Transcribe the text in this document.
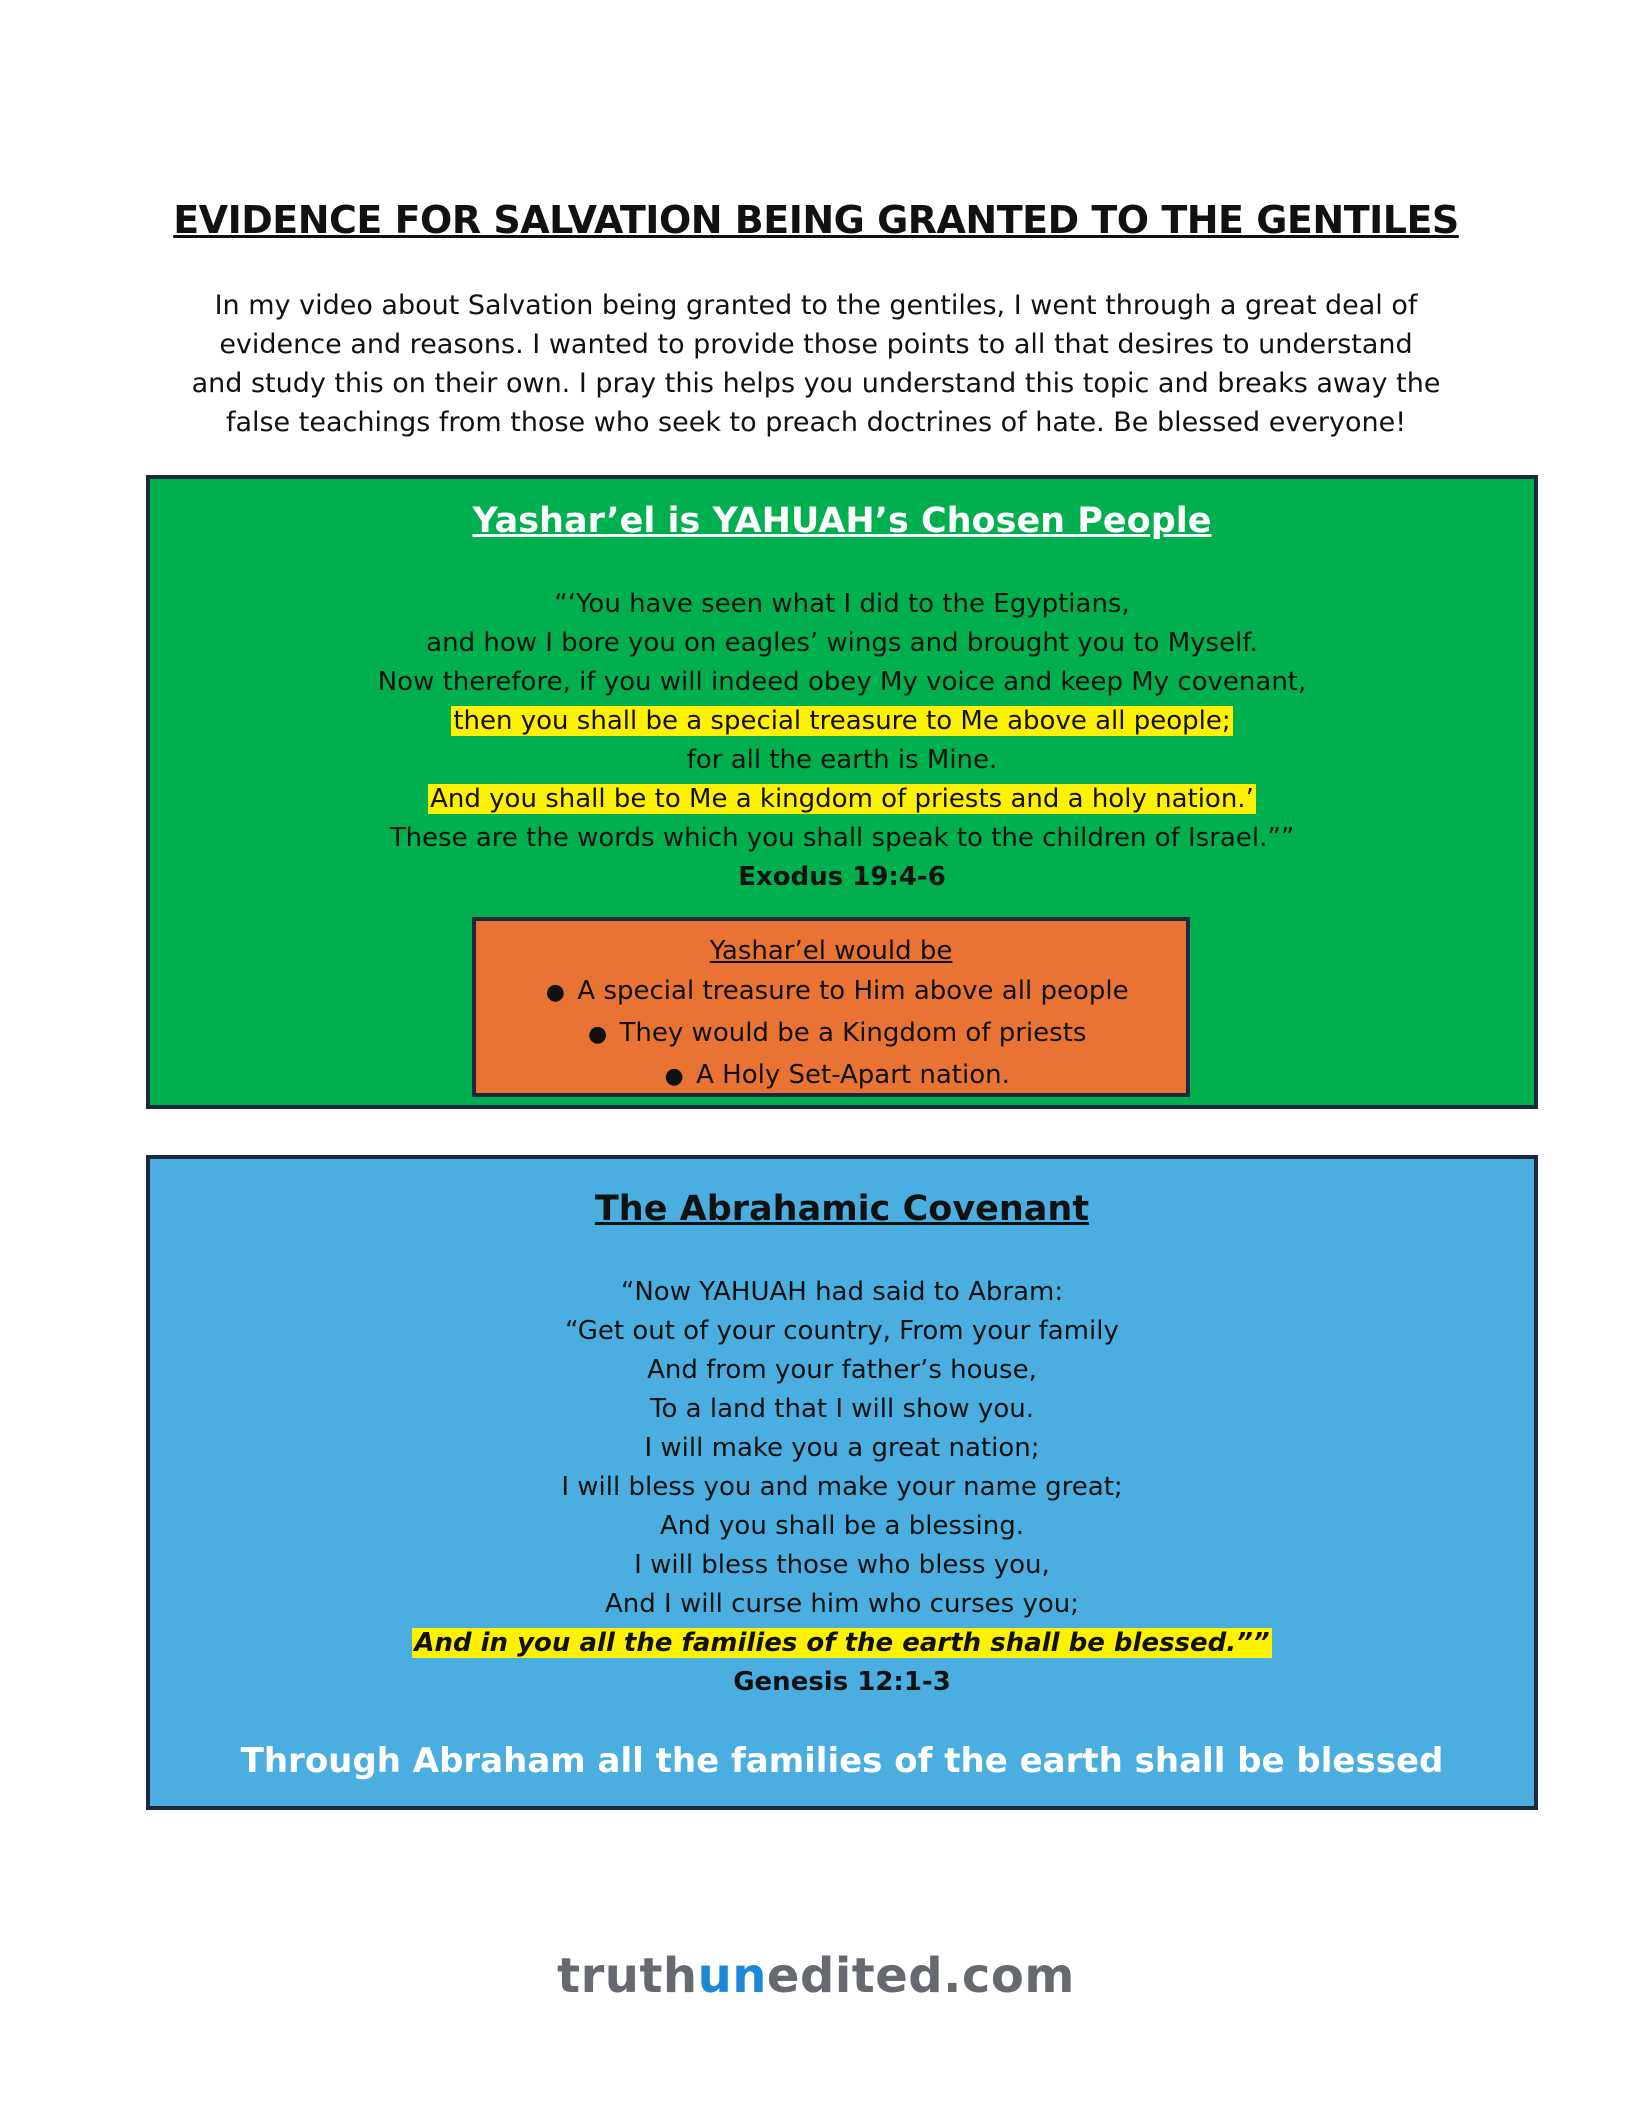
EVIDENCE FOR SALVATION BEING GRANTED TO THE GENTILES
In my video about Salvation being granted to the gentiles, I went through a great deal of evidence and reasons. I wanted to provide those points to all that desires to understand and study this on their own. I pray this helps you understand this topic and breaks away the false teachings from those who seek to preach doctrines of hate. Be blessed everyone!
Yashar’el is YAHUAH’s Chosen People
“‘You have seen what I did to the Egyptians,
and how I bore you on eagles’ wings and brought you to Myself.
Now therefore, if you will indeed obey My voice and keep My covenant,
then you shall be a special treasure to Me above all people;
for all the earth is Mine.
And you shall be to Me a kingdom of priests and a holy nation.’
These are the words which you shall speak to the children of Israel.””
Exodus 19:4-6
Yashar’el would be
● A special treasure to Him above all people
● They would be a Kingdom of priests
● A Holy Set-Apart nation.
The Abrahamic Covenant
“Now YAHUAH had said to Abram:
“Get out of your country, From your family
And from your father’s house,
To a land that I will show you.
I will make you a great nation;
I will bless you and make your name great;
And you shall be a blessing.
I will bless those who bless you,
And I will curse him who curses you;
And in you all the families of the earth shall be blessed.””
Genesis 12:1-3
Through Abraham all the families of the earth shall be blessed
truthunedited.com
